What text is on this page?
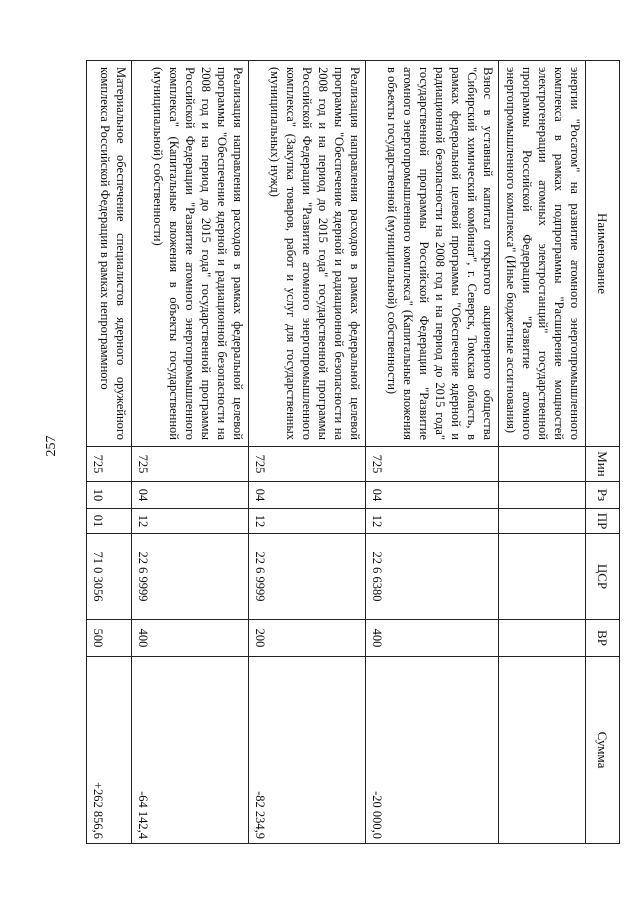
257
Наименование	Мин	Рз	ПР	ЦСР	ВР	Сумма
энергии "Росатом" на развитие атомного энергопромышленного комплекса в рамках подпрограммы "Расширение мощностей электрогенерации атомных электростанций" государственной программы Российской Федерации "Развитие атомного энергопромышленного комплекса" (Иные бюджетные ассигнования)						
Взнос в уставный капитал открытого акционерного общества "Сибирский химический комбинат", г. Северск, Томская область, в рамках федеральной целевой программы "Обеспечение ядерной и радиационной безопасности на 2008 год и на период до 2015 года" государственной программы Российской Федерации "Развитие атомного энергопромышленного комплекса" (Капитальные вложения в объекты государственной (муниципальной) собственности)	725	04	12	22 6 6380	400	-20 000,0
Реализация направления расходов в рамках федеральной целевой программы "Обеспечение ядерной и радиационной безопасности на 2008 год и на период до 2015 года" государственной программы Российской Федерации "Развитие атомного энергопромышленного комплекса" (Закупка товаров, работ и услуг для государственных (муниципальных) нужд)	725	04	12	22 6 9999	200	-82 234,9
Реализация направления расходов в рамках федеральной целевой программы "Обеспечение ядерной и радиационной безопасности на 2008 год и на период до 2015 года" государственной программы Российской Федерации "Развитие атомного энергопромышленного комплекса" (Капитальные вложения в объекты государственной (муниципальной) собственности)	725	04	12	22 6 9999	400	-64 142,4
Материальное обеспечение специалистов ядерного оружейного комплекса Российской Федерации в рамках непрограммного	725	10	01	71 0 3056	500	+262 856,6
